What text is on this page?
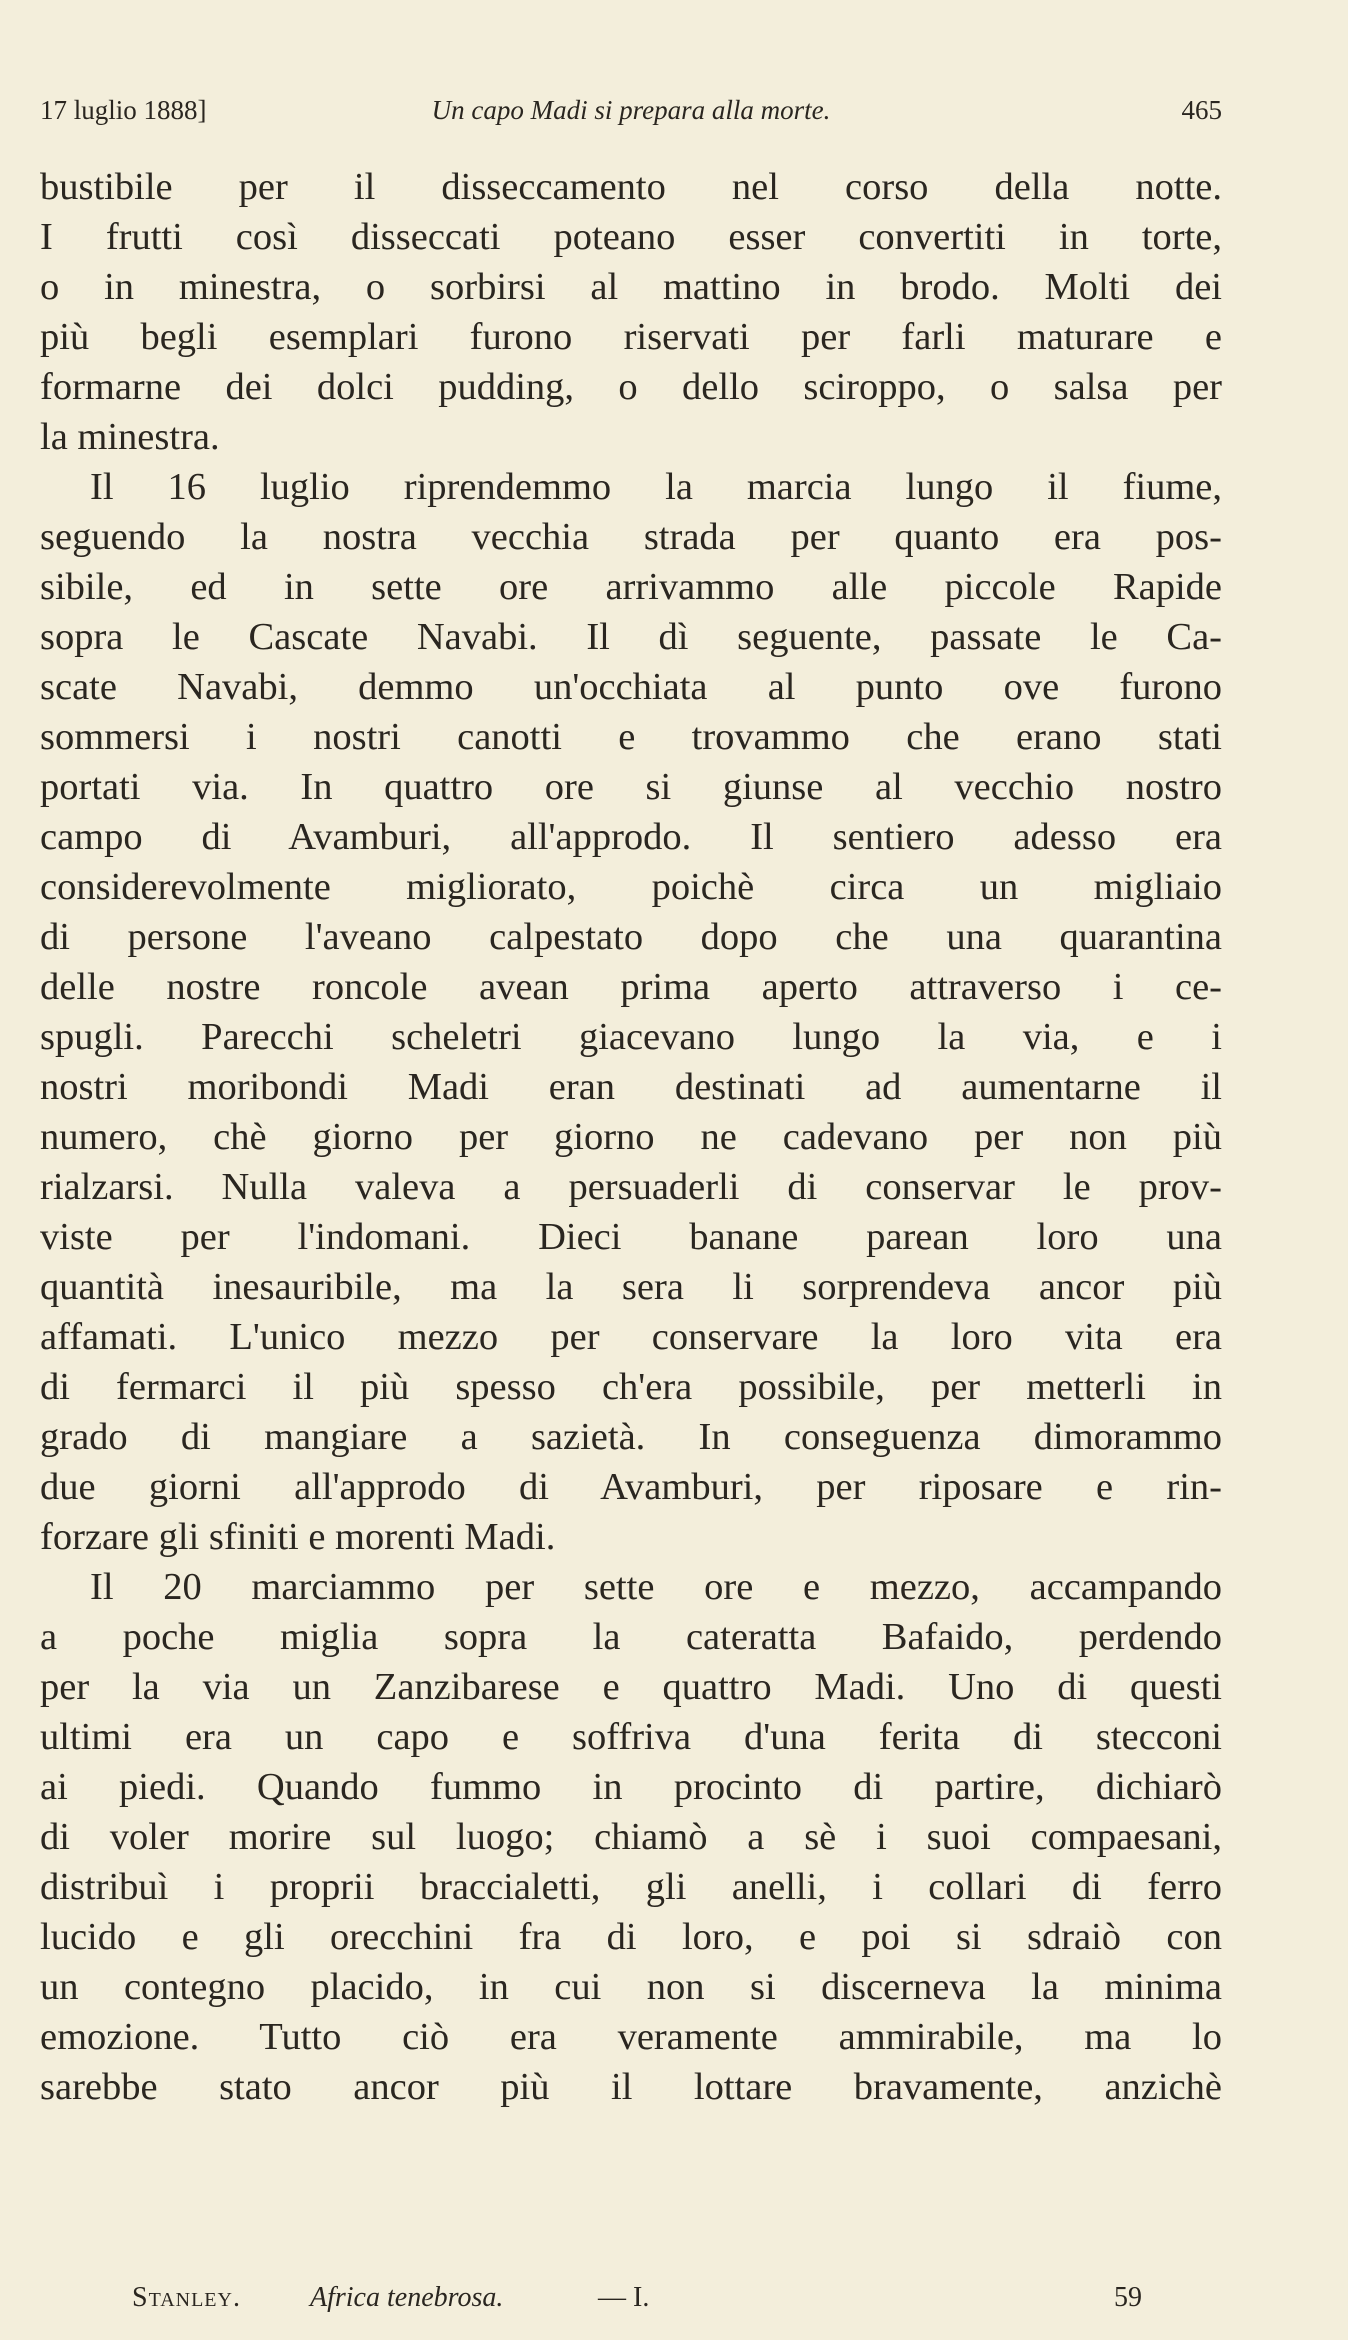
17 luglio 1888]	Un capo Madi si prepara alla morte.	465
bustibile per il disseccamento nel corso della notte.
I frutti così disseccati poteano esser convertiti in torte,
o in minestra, o sorbirsi al mattino in brodo. Molti dei
più begli esemplari furono riservati per farli maturare e
formarne dei dolci pudding, o dello sciroppo, o salsa per
la minestra.
Il 16 luglio riprendemmo la marcia lungo il fiume,
seguendo la nostra vecchia strada per quanto era pos-
sibile, ed in sette ore arrivammo alle piccole Rapide
sopra le Cascate Navabi. Il dì seguente, passate le Ca-
scate Navabi, demmo un'occhiata al punto ove furono
sommersi i nostri canotti e trovammo che erano stati
portati via. In quattro ore si giunse al vecchio nostro
campo di Avamburi, all'approdo. Il sentiero adesso era
considerevolmente migliorato, poichè circa un migliaio
di persone l'aveano calpestato dopo che una quarantina
delle nostre roncole avean prima aperto attraverso i ce-
spugli. Parecchi scheletri giacevano lungo la via, e i
nostri moribondi Madi eran destinati ad aumentarne il
numero, chè giorno per giorno ne cadevano per non più
rialzarsi. Nulla valeva a persuaderli di conservar le prov-
viste per l'indomani. Dieci banane parean loro una
quantità inesauribile, ma la sera li sorprendeva ancor più
affamati. L'unico mezzo per conservare la loro vita era
di fermarci il più spesso ch'era possibile, per metterli in
grado di mangiare a sazietà. In conseguenza dimorammo
due giorni all'approdo di Avamburi, per riposare e rin-
forzare gli sfiniti e morenti Madi.
Il 20 marciammo per sette ore e mezzo, accampando
a poche miglia sopra la cateratta Bafaido, perdendo
per la via un Zanzibarese e quattro Madi. Uno di questi
ultimi era un capo e soffriva d'una ferita di stecconi
ai piedi. Quando fummo in procinto di partire, dichiarò
di voler morire sul luogo; chiamò a sè i suoi compaesani,
distribuì i proprii braccialetti, gli anelli, i collari di ferro
lucido e gli orecchini fra di loro, e poi si sdraiò con
un contegno placido, in cui non si discerneva la minima
emozione. Tutto ciò era veramente ammirabile, ma lo
sarebbe stato ancor più il lottare bravamente, anzichè
Stanley. Africa tenebrosa.	— I.	59
